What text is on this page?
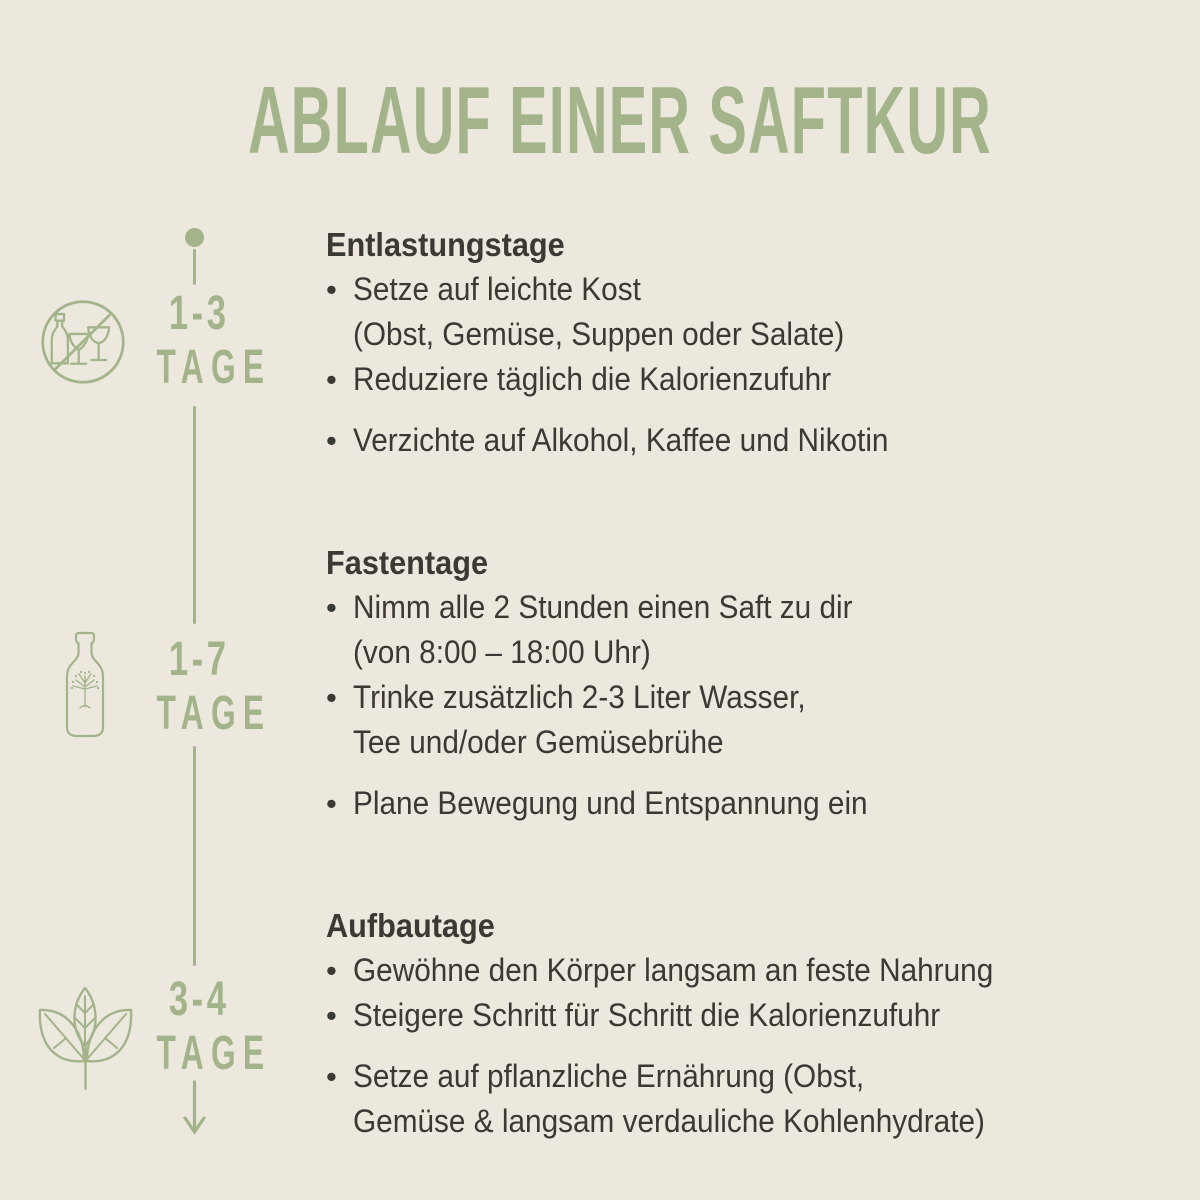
ABLAUF EINER SAFTKUR
1-3
TAGE
Entlastungstage
• Setze auf leichte Kost
(Obst, Gemüse, Suppen oder Salate)
• Reduziere täglich die Kalorienzufuhr
• Verzichte auf Alkohol, Kaffee und Nikotin
1-7
TAGE
Fastentage
• Nimm alle 2 Stunden einen Saft zu dir
(von 8:00 – 18:00 Uhr)
• Trinke zusätzlich 2-3 Liter Wasser,
Tee und/oder Gemüsebrühe
• Plane Bewegung und Entspannung ein
3-4
TAGE
Aufbautage
• Gewöhne den Körper langsam an feste Nahrung
• Steigere Schritt für Schritt die Kalorienzufuhr
• Setze auf pflanzliche Ernährung (Obst,
Gemüse & langsam verdauliche Kohlenhydrate)
